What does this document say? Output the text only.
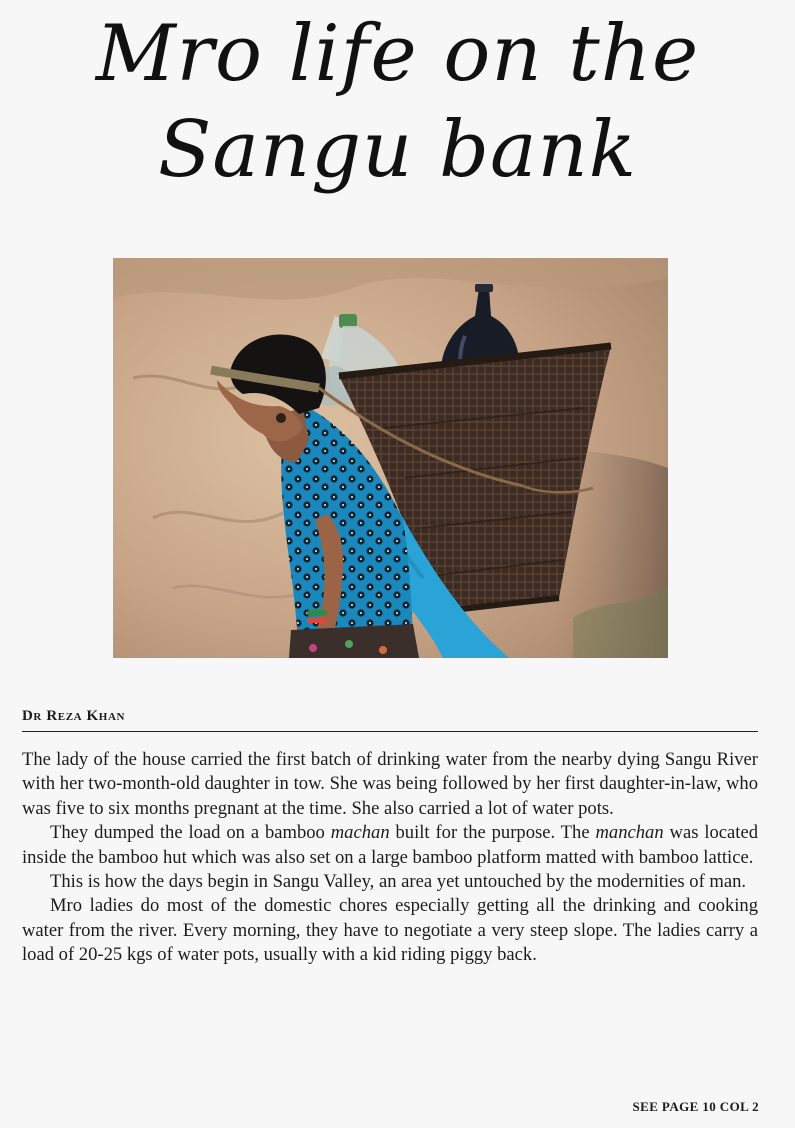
Mro life on the
Sangu bank
Dr Reza Khan

The lady of the house carried the first batch of drinking water from the nearby dying Sangu River with her two-month-old daughter in tow. She was being followed by her first daughter-in-law, who was five to six months pregnant at the time. She also carried a lot of water pots.

They dumped the load on a bamboo machan built for the purpose. The manchan was located inside the bamboo hut which was also set on a large bamboo platform matted with bamboo lattice.

This is how the days begin in Sangu Valley, an area yet untouched by the modernities of man.

Mro ladies do most of the domestic chores especially getting all the drinking and cooking water from the river. Every morning, they have to negotiate a very steep slope. The ladies carry a load of 20-25 kgs of water pots, usually with a kid riding piggy back.

SEE PAGE 10 COL 2
